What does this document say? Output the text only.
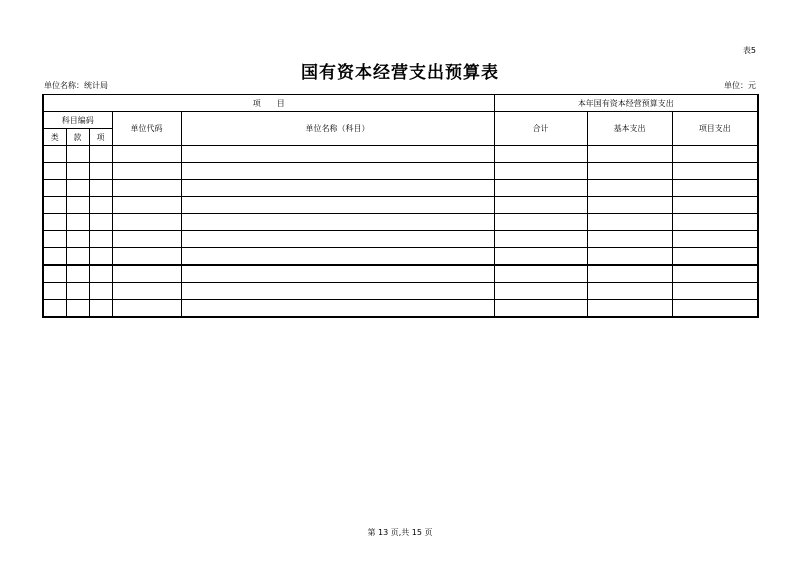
表5
国有资本经营支出预算表
单位名称：统计局	单位：元
项　　目					本年国有资本经营预算支出		
科目编码			单位代码	单位名称（科目）	合计	基本支出	项目支出
类	款	项					

第 13 页,共 15 页
